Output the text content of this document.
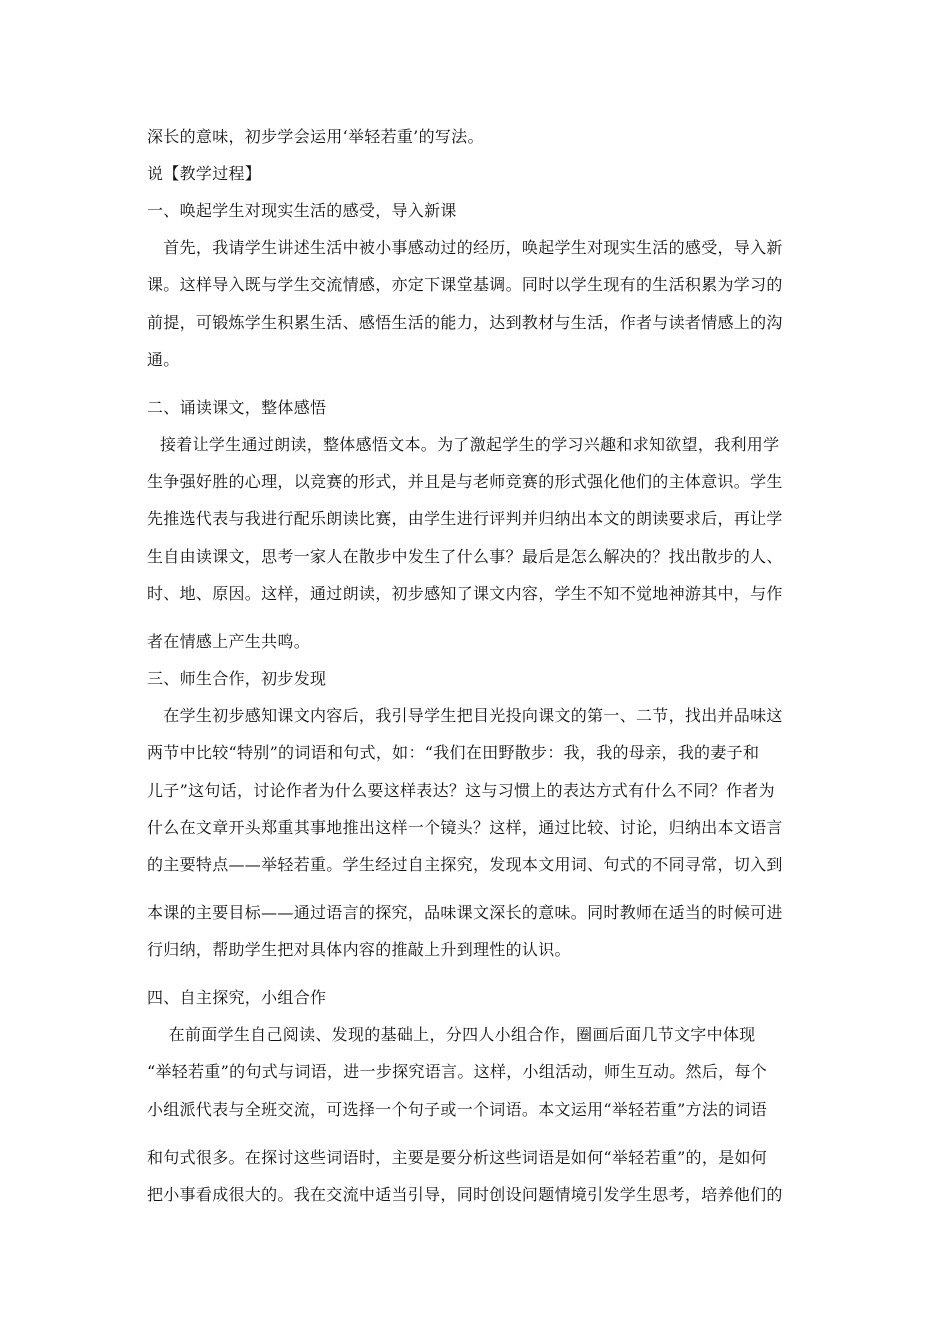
深长的意味，初步学会运用‘举轻若重’的写法。
说【教学过程】
一、唤起学生对现实生活的感受，导入新课
　首先，我请学生讲述生活中被小事感动过的经历，唤起学生对现实生活的感受，导入新
课。这样导入既与学生交流情感，亦定下课堂基调。同时以学生现有的生活积累为学习的
前提，可锻炼学生积累生活、感悟生活的能力，达到教材与生活，作者与读者情感上的沟
通。
二、诵读课文，整体感悟
接着让学生通过朗读，整体感悟文本。为了激起学生的学习兴趣和求知欲望，我利用学
生争强好胜的心理，以竞赛的形式，并且是与老师竞赛的形式强化他们的主体意识。学生
先推选代表与我进行配乐朗读比赛，由学生进行评判并归纳出本文的朗读要求后，再让学
生自由读课文，思考一家人在散步中发生了什么事？最后是怎么解决的？找出散步的人、
时、地、原因。这样，通过朗读，初步感知了课文内容，学生不知不觉地神游其中，与作
者在情感上产生共鸣。
三、师生合作，初步发现
　在学生初步感知课文内容后，我引导学生把目光投向课文的第一、二节，找出并品味这
两节中比较“特别”的词语和句式，如：“我们在田野散步：我，我的母亲，我的妻子和
儿子”这句话，讨论作者为什么要这样表达？这与习惯上的表达方式有什么不同？作者为
什么在文章开头郑重其事地推出这样一个镜头？这样，通过比较、讨论，归纳出本文语言
的主要特点——举轻若重。学生经过自主探究，发现本文用词、句式的不同寻常，切入到
本课的主要目标——通过语言的探究，品味课文深长的意味。同时教师在适当的时候可进
行归纳，帮助学生把对具体内容的推敲上升到理性的认识。
四、自主探究，小组合作
　 在前面学生自己阅读、发现的基础上，分四人小组合作，圈画后面几节文字中体现
“举轻若重”的句式与词语，进一步探究语言。这样，小组活动，师生互动。然后，每个
小组派代表与全班交流，可选择一个句子或一个词语。本文运用“举轻若重”方法的词语
和句式很多。在探讨这些词语时，主要是要分析这些词语是如何“举轻若重”的，是如何
把小事看成很大的。我在交流中适当引导，同时创设问题情境引发学生思考，培养他们的
